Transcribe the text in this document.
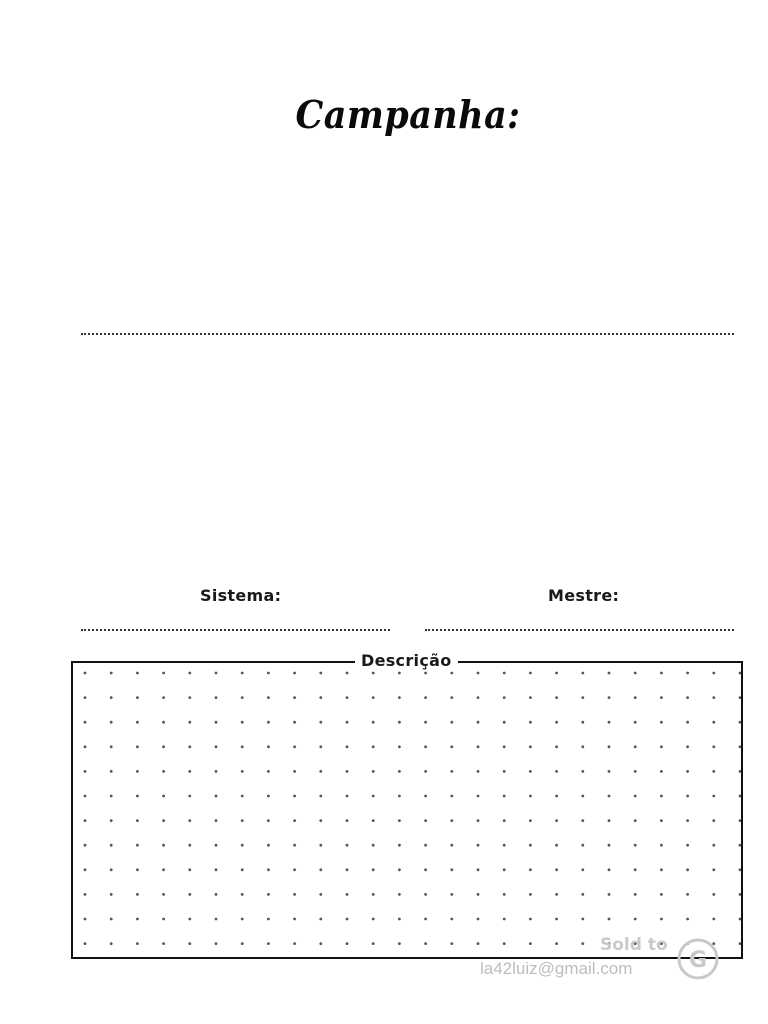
Campanha:
Sistema:	Mestre:
Descrição
Sold to
la42luiz@gmail.com	G
